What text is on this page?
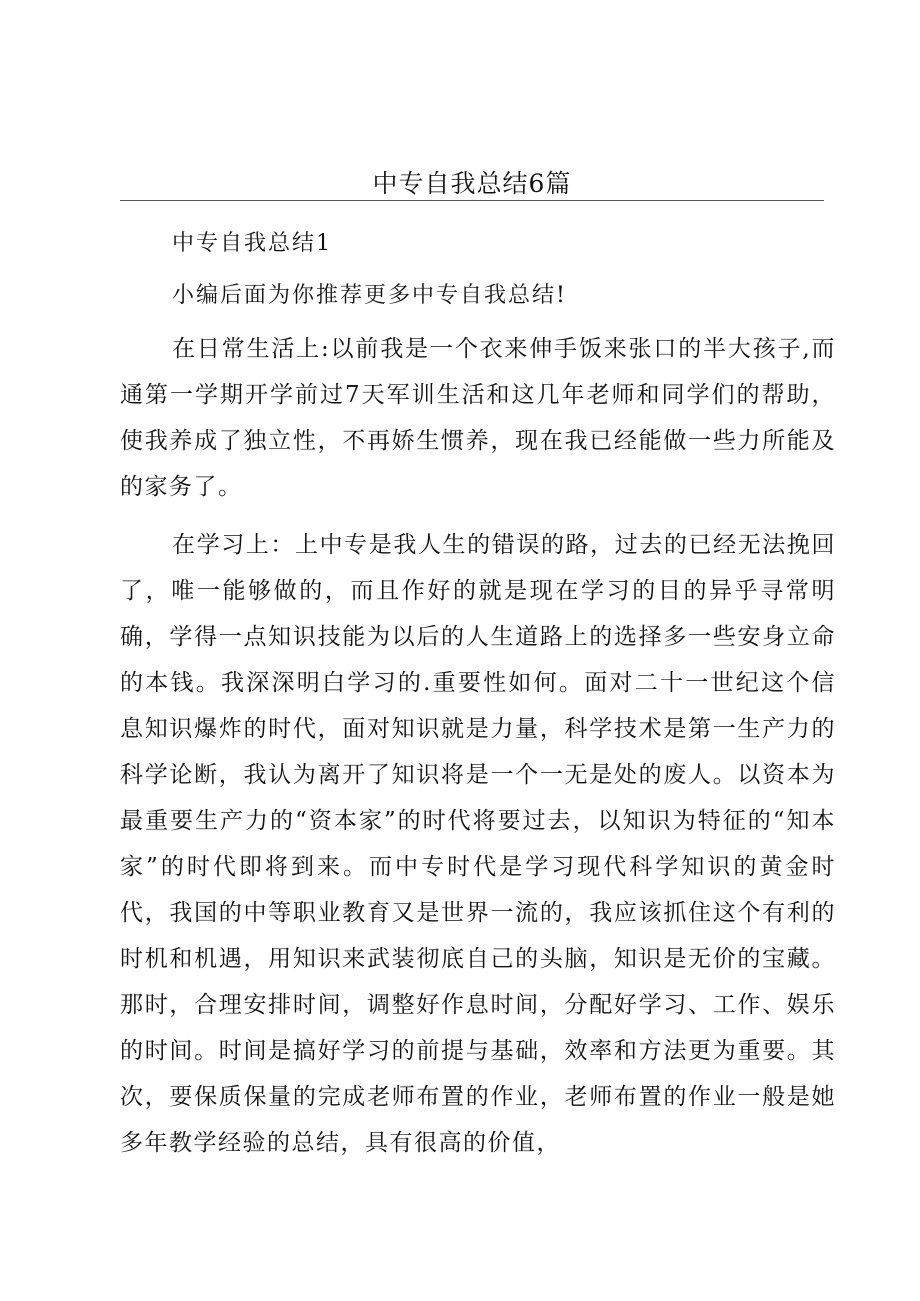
中专自我总结6篇

中专自我总结1

小编后面为你推荐更多中专自我总结!

在日常生活上:以前我是一个衣来伸手饭来张口的半大孩子,而通第一学期开学前过7天军训生活和这几年老师和同学们的帮助，使我养成了独立性，不再娇生惯养，现在我已经能做一些力所能及的家务了。

在学习上：上中专是我人生的错误的路，过去的已经无法挽回了，唯一能够做的，而且作好的就是现在学习的目的异乎寻常明确，学得一点知识技能为以后的人生道路上的选择多一些安身立命的本钱。我深深明白学习的.重要性如何。面对二十一世纪这个信息知识爆炸的时代，面对知识就是力量，科学技术是第一生产力的科学论断，我认为离开了知识将是一个一无是处的废人。以资本为最重要生产力的“资本家”的时代将要过去，以知识为特征的“知本家”的时代即将到来。而中专时代是学习现代科学知识的黄金时代，我国的中等职业教育又是世界一流的，我应该抓住这个有利的时机和机遇，用知识来武装彻底自己的头脑，知识是无价的宝藏。那时，合理安排时间，调整好作息时间，分配好学习、工作、娱乐的时间。时间是搞好学习的前提与基础，效率和方法更为重要。其次，要保质保量的完成老师布置的作业，老师布置的作业一般是她多年教学经验的总结，具有很高的价值，
